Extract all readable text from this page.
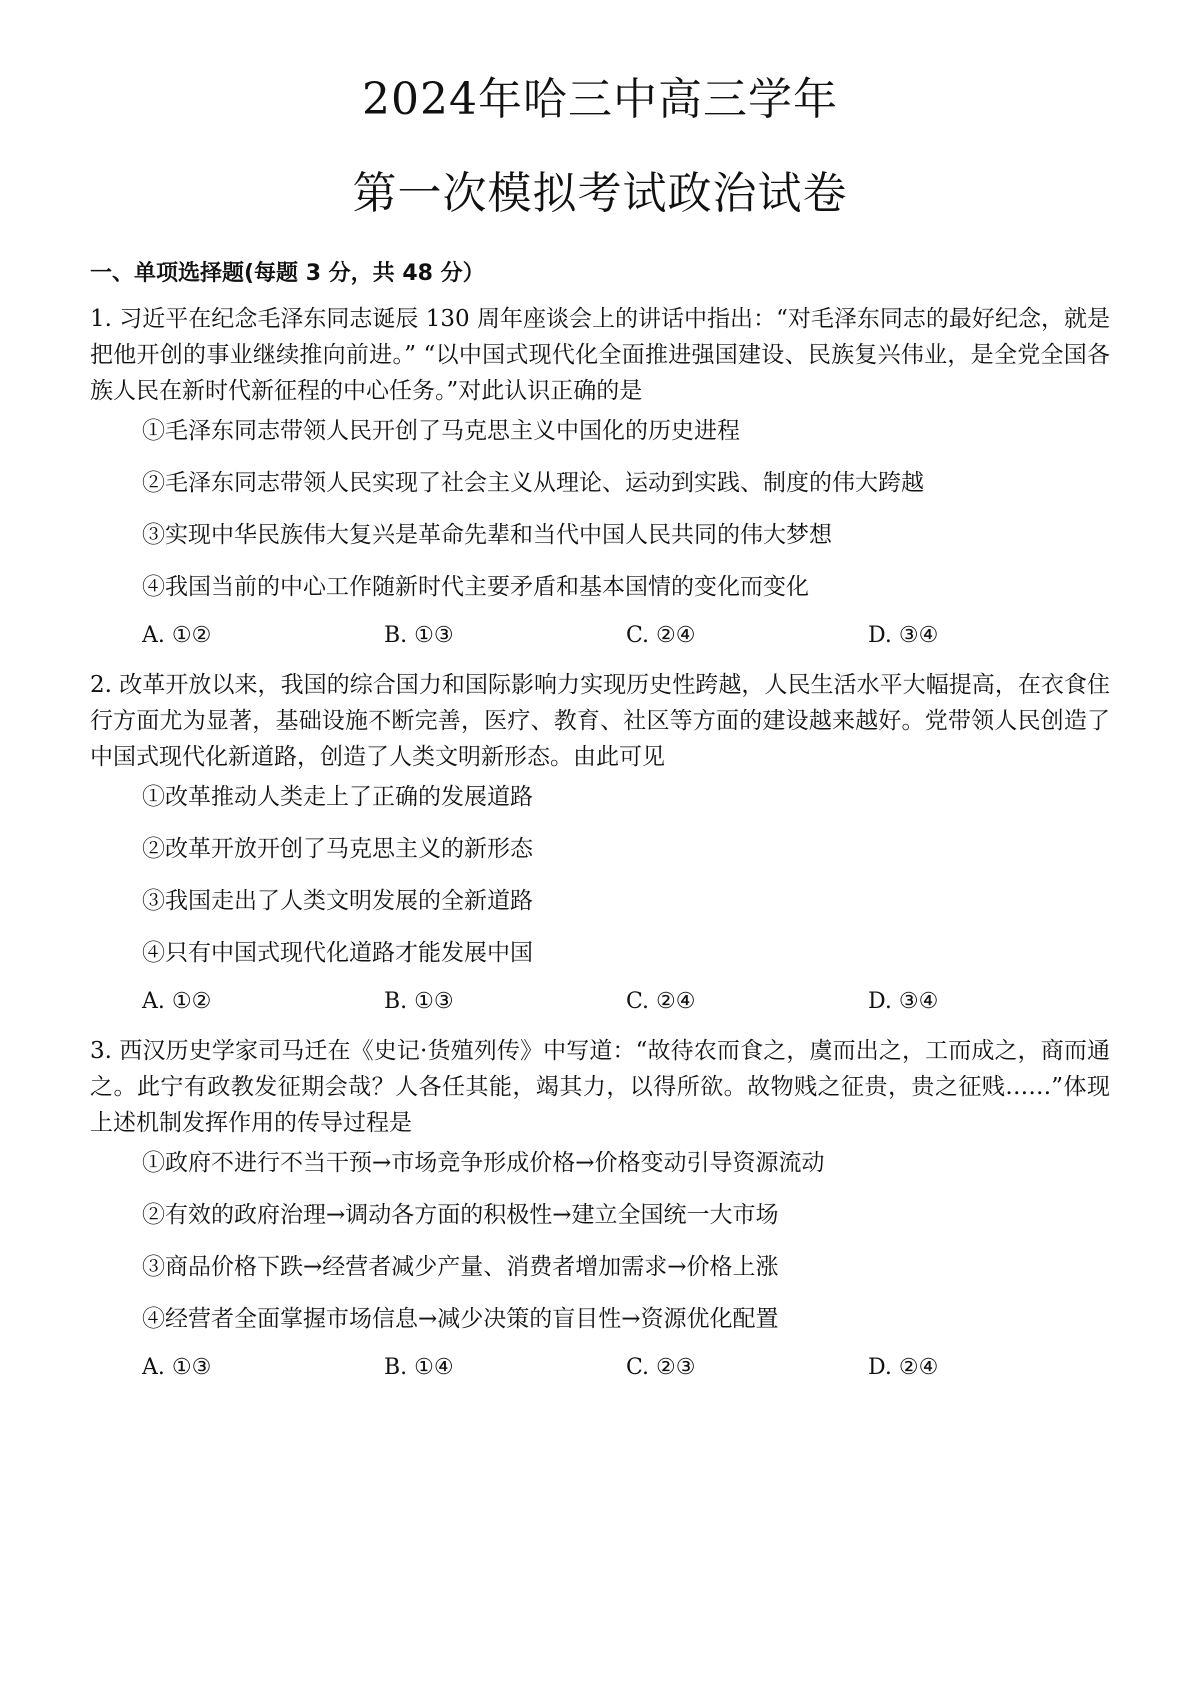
2024年哈三中高三学年
第一次模拟考试政治试卷
一、单项选择题(每题 3 分，共 48 分）
1. 习近平在纪念毛泽东同志诞辰 130 周年座谈会上的讲话中指出：“对毛泽东同志的最好纪念，就是把他开创的事业继续推向前进。” “以中国式现代化全面推进强国建设、民族复兴伟业，是全党全国各族人民在新时代新征程的中心任务。”对此认识正确的是
①毛泽东同志带领人民开创了马克思主义中国化的历史进程
②毛泽东同志带领人民实现了社会主义从理论、运动到实践、制度的伟大跨越
③实现中华民族伟大复兴是革命先辈和当代中国人民共同的伟大梦想
④我国当前的中心工作随新时代主要矛盾和基本国情的变化而变化
A. ①②	B. ①③	C. ②④	D. ③④
2. 改革开放以来，我国的综合国力和国际影响力实现历史性跨越，人民生活水平大幅提高，在衣食住行方面尤为显著，基础设施不断完善，医疗、教育、社区等方面的建设越来越好。党带领人民创造了中国式现代化新道路，创造了人类文明新形态。由此可见
①改革推动人类走上了正确的发展道路
②改革开放开创了马克思主义的新形态
③我国走出了人类文明发展的全新道路
④只有中国式现代化道路才能发展中国
A. ①②	B. ①③	C. ②④	D. ③④
3. 西汉历史学家司马迁在《史记·货殖列传》中写道：“故待农而食之，虞而出之，工而成之，商而通之。此宁有政教发征期会哉？人各任其能，竭其力，以得所欲。故物贱之征贵，贵之征贱……”体现上述机制发挥作用的传导过程是
①政府不进行不当干预→市场竞争形成价格→价格变动引导资源流动
②有效的政府治理→调动各方面的积极性→建立全国统一大市场
③商品价格下跌→经营者减少产量、消费者增加需求→价格上涨
④经营者全面掌握市场信息→减少决策的盲目性→资源优化配置
A. ①③	B. ①④	C. ②③	D. ②④
